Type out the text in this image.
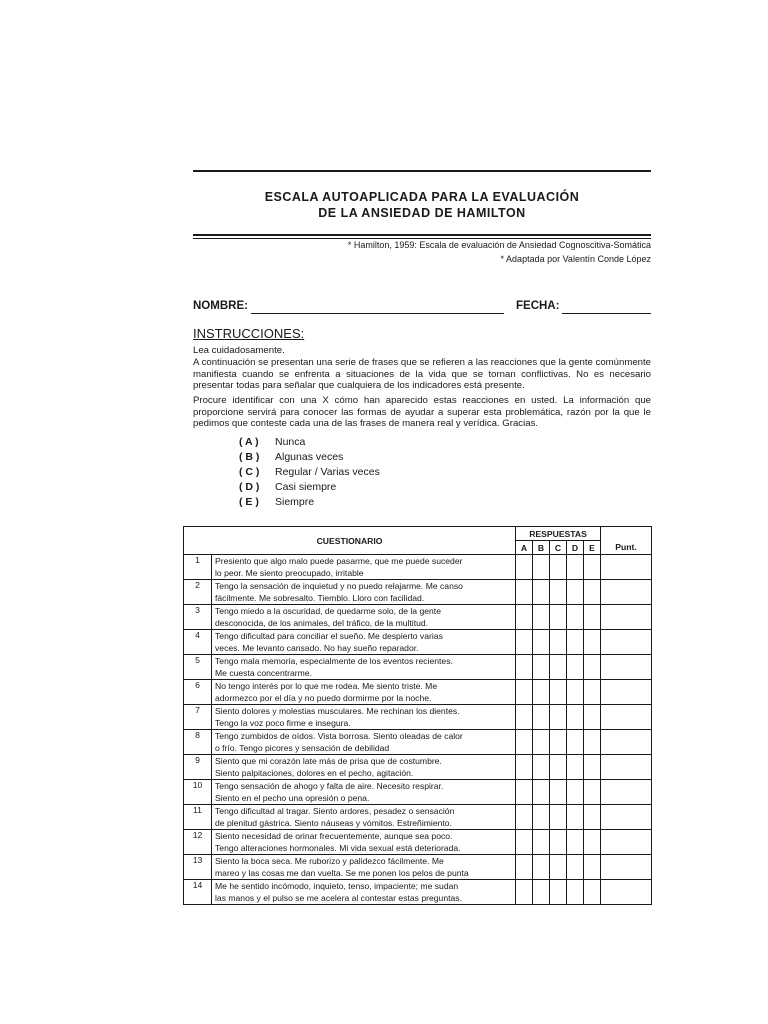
ESCALA AUTOAPLICADA PARA LA EVALUACIÓN
DE LA ANSIEDAD DE HAMILTON
* Hamilton, 1959: Escala de evaluación de Ansiedad Cognoscitiva-Somática
* Adaptada por Valentín Conde López
NOMBRE:	FECHA:
INSTRUCCIONES:
Lea cuidadosamente.
A continuación se presentan una serie de frases que se refieren a las reacciones que la gente comúnmente manifiesta cuando se enfrenta a situaciones de la vida que se tornan conflictivas. No es necesario presentar todas para señalar que cualquiera de los indicadores está presente.
Procure identificar con una X cómo han aparecido estas reacciones en usted. La información que proporcione servirá para conocer las formas de ayudar a superar esta problemática, razón por la que le pedimos que conteste cada una de las frases de manera real y verídica. Gracias.
( A ) Nunca
( B ) Algunas veces
( C ) Regular / Varias veces
( D ) Casi siempre
( E ) Siempre
CUESTIONARIO		RESPUESTAS					
		A	B	C	D	E	Punt.
1	Presiento que algo malo puede pasarme, que me puede suceder
lo peor. Me siento preocupado, irritable						

2	Tengo la sensación de inquietud y no puedo relajarme. Me canso
fácilmente. Me sobresalto. Tiemblo. Lloro con facilidad.						

3	Tengo miedo a la oscuridad, de quedarme solo, de la gente
desconocida, de los animales, del tráfico, de la multitud.						

4	Tengo dificultad para conciliar el sueño. Me despierto varias
veces. Me levanto cansado. No hay sueño reparador.						

5	Tengo mala memoria, especialmente de los eventos recientes.
Me cuesta concentrarme.						

6	No tengo interés por lo que me rodea. Me siento triste. Me
adormezco por el día y no puedo dormirme por la noche.						

7	Siento dolores y molestias musculares. Me rechinan los dientes.
Tengo la voz poco firme e insegura.						

8	Tengo zumbidos de oídos. Vista borrosa. Siento oleadas de calor
o frío. Tengo picores y sensación de debilidad						

9	Siento que mi corazón late más de prisa que de costumbre.
Siento palpitaciones, dolores en el pecho, agitación.						

10	Tengo sensación de ahogo y falta de aire. Necesito respirar.
Siento en el pecho una opresión o pena.						

11	Tengo dificultad al tragar. Siento ardores, pesadez o sensación
de plenitud gástrica. Siento náuseas y vómitos. Estreñimiento.						

12	Siento necesidad de orinar frecuentemente, aunque sea poco.
Tengo alteraciones hormonales. Mi vida sexual está deteriorada.						

13	Siento la boca seca. Me ruborizo y palidezco fácilmente. Me
mareo y las cosas me dan vuelta. Se me ponen los pelos de punta						

14	Me he sentido incómodo, inquieto, tenso, impaciente; me sudan
las manos y el pulso se me acelera al contestar estas preguntas.						
